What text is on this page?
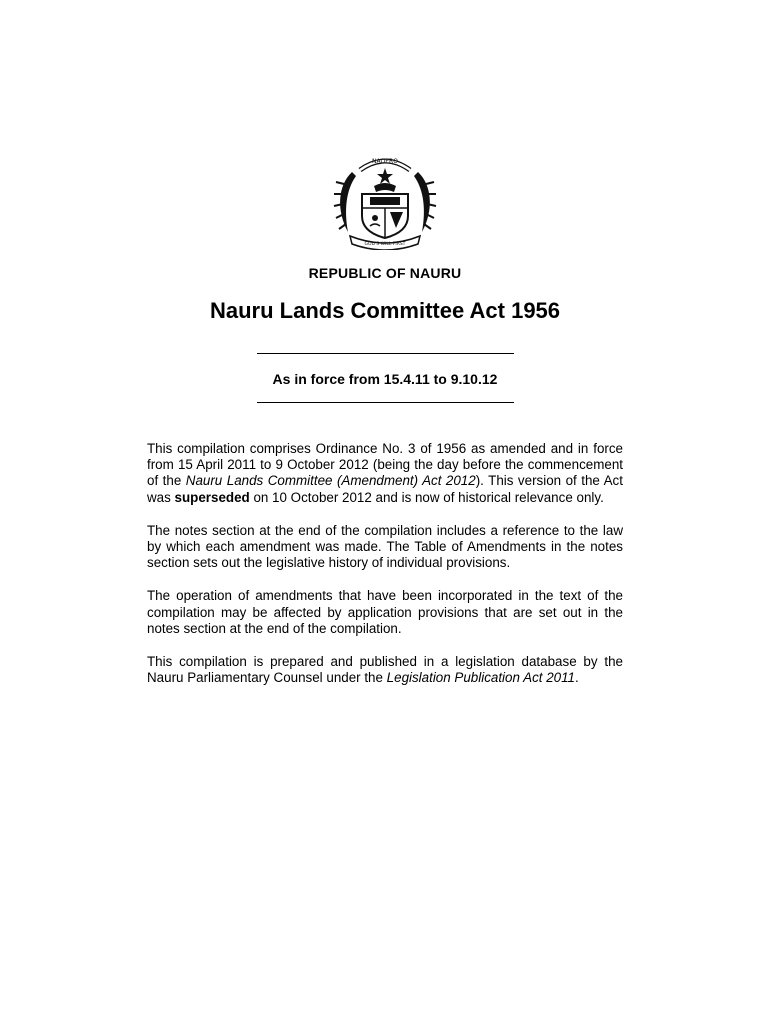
NAOERO
GOD'S WILL FIRST
REPUBLIC OF NAURU
Nauru Lands Committee Act 1956
As in force from 15.4.11 to 9.10.12

This compilation comprises Ordinance No. 3 of 1956 as amended and in force from 15 April 2011 to 9 October 2012 (being the day before the commencement of the Nauru Lands Committee (Amendment) Act 2012). This version of the Act was superseded on 10 October 2012 and is now of historical relevance only.

The notes section at the end of the compilation includes a reference to the law by which each amendment was made. The Table of Amendments in the notes section sets out the legislative history of individual provisions.

The operation of amendments that have been incorporated in the text of the compilation may be affected by application provisions that are set out in the notes section at the end of the compilation.

This compilation is prepared and published in a legislation database by the Nauru Parliamentary Counsel under the Legislation Publication Act 2011.
